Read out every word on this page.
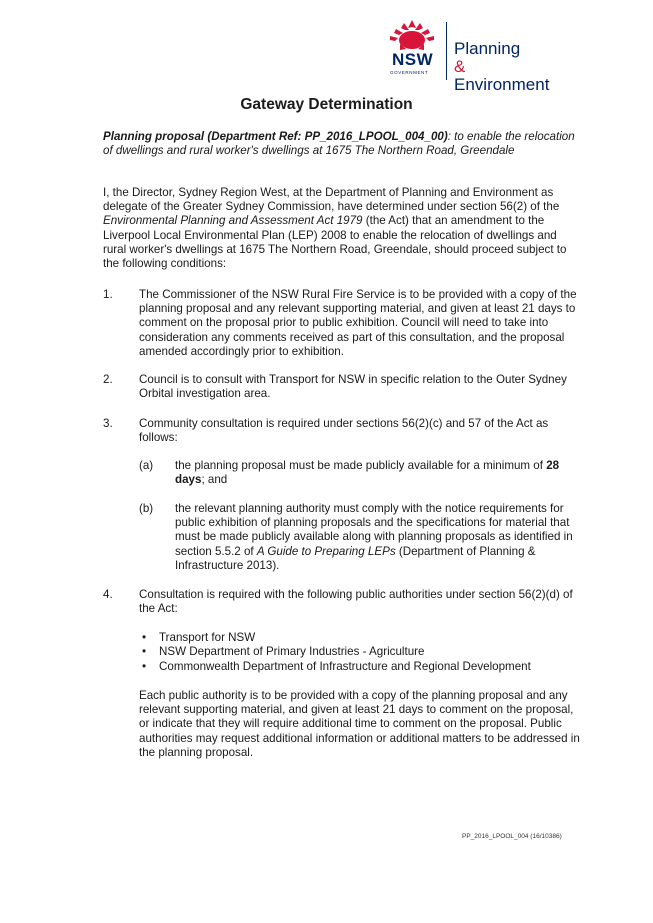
NSW
GOVERNMENT
Planning
&
Environment
Gateway Determination

Planning proposal (Department Ref: PP_2016_LPOOL_004_00): to enable the relocation of dwellings and rural worker's dwellings at 1675 The Northern Road, Greendale

I, the Director, Sydney Region West, at the Department of Planning and Environment as delegate of the Greater Sydney Commission, have determined under section 56(2) of the Environmental Planning and Assessment Act 1979 (the Act) that an amendment to the Liverpool Local Environmental Plan (LEP) 2008 to enable the relocation of dwellings and rural worker's dwellings at 1675 The Northern Road, Greendale, should proceed subject to the following conditions:

1. The Commissioner of the NSW Rural Fire Service is to be provided with a copy of the planning proposal and any relevant supporting material, and given at least 21 days to comment on the proposal prior to public exhibition. Council will need to take into consideration any comments received as part of this consultation, and the proposal amended accordingly prior to exhibition.

2. Council is to consult with Transport for NSW in specific relation to the Outer Sydney Orbital investigation area.

3. Community consultation is required under sections 56(2)(c) and 57 of the Act as follows:

(a) the planning proposal must be made publicly available for a minimum of 28 days; and

(b) the relevant planning authority must comply with the notice requirements for public exhibition of planning proposals and the specifications for material that must be made publicly available along with planning proposals as identified in section 5.5.2 of A Guide to Preparing LEPs (Department of Planning & Infrastructure 2013).

4. Consultation is required with the following public authorities under section 56(2)(d) of the Act:

• Transport for NSW
• NSW Department of Primary Industries - Agriculture
• Commonwealth Department of Infrastructure and Regional Development

Each public authority is to be provided with a copy of the planning proposal and any relevant supporting material, and given at least 21 days to comment on the proposal, or indicate that they will require additional time to comment on the proposal. Public authorities may request additional information or additional matters to be addressed in the planning proposal.

PP_2016_LPOOL_004 (16/10386)
